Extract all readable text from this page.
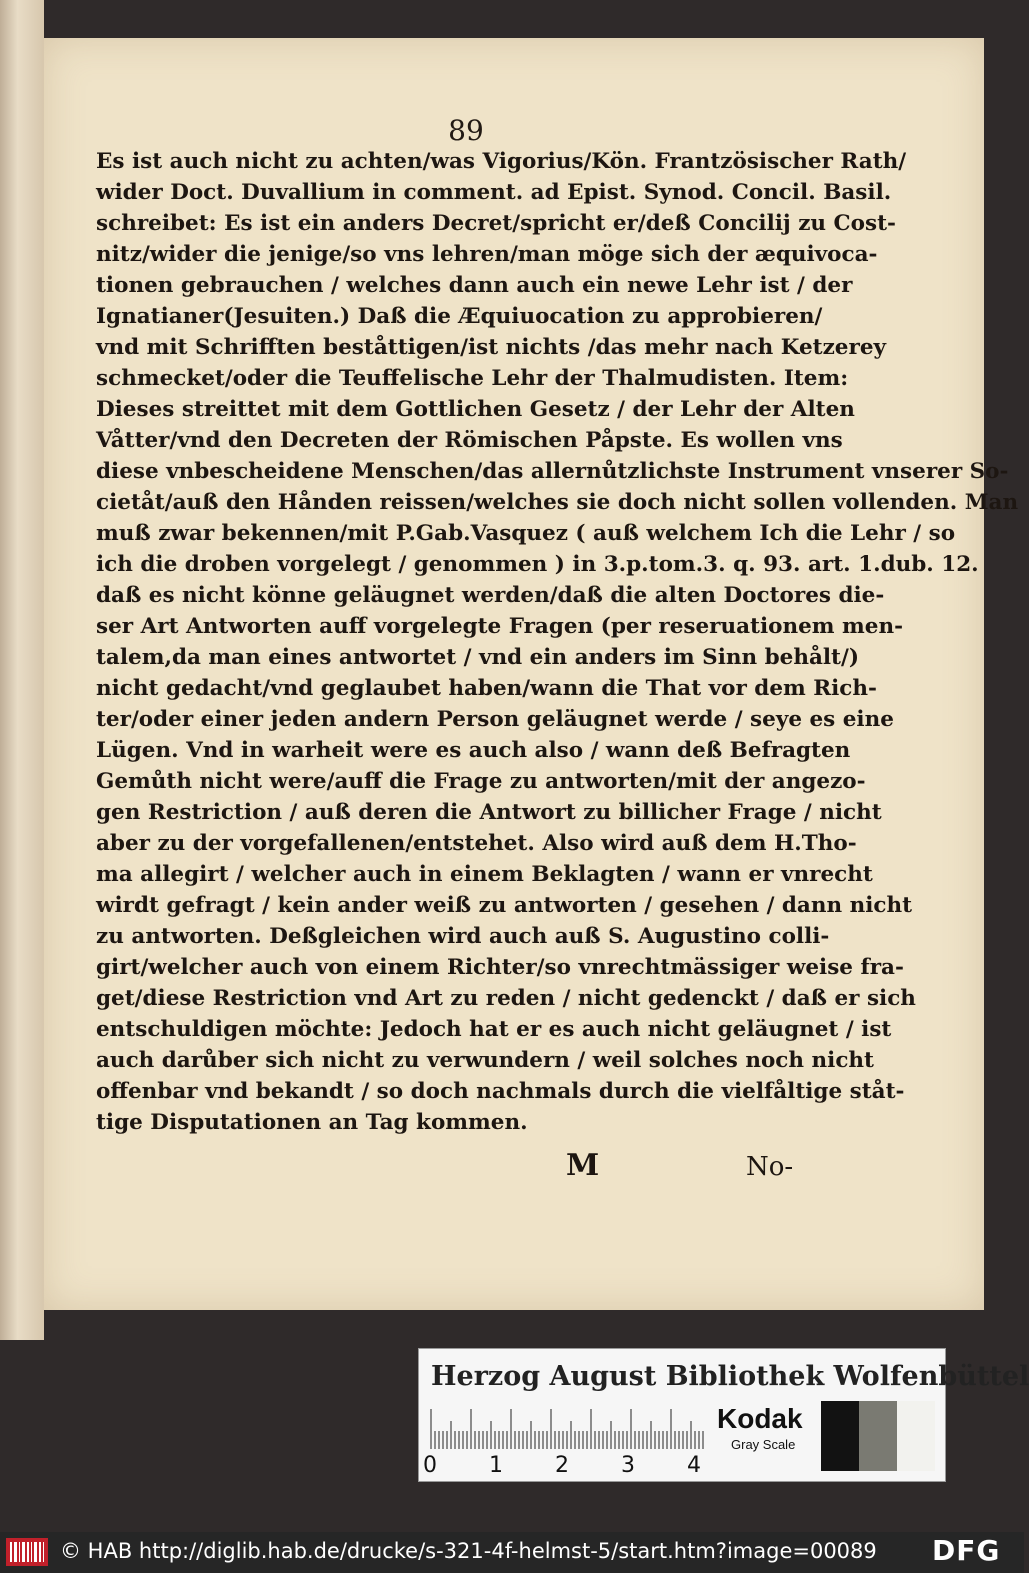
89
Es ist auch nicht zu achten/was Vigorius/Kön. Frantzösischer Rath/
wider Doct. Duvallium in comment. ad Epist. Synod. Concil. Basil.
schreibet: Es ist ein anders Decret/spricht er/deß Concilij zu Cost-
nitz/wider die jenige/so vns lehren/man möge sich der æquivoca-
tionen gebrauchen / welches dann auch ein newe Lehr ist / der
Ignatianer(Jesuiten.) Daß die Æquiuocation zu approbieren/
vnd mit Schrifften beståttigen/ist nichts /das mehr nach Ketzerey
schmecket/oder die Teuffelische Lehr der Thalmudisten. Item:
Dieses streittet mit dem Gottlichen Gesetz / der Lehr der Alten
Våtter/vnd den Decreten der Römischen Påpste. Es wollen vns
diese vnbescheidene Menschen/das allernůtzlichste Instrument vnserer So-
cietåt/auß den Hånden reissen/welches sie doch nicht sollen vollenden. Man
muß zwar bekennen/mit P.Gab.Vasquez ( auß welchem Ich die Lehr / so
ich die droben vorgelegt / genommen ) in 3.p.tom.3. q. 93. art. 1.dub. 12.
daß es nicht könne geläugnet werden/daß die alten Doctores die-
ser Art Antworten auff vorgelegte Fragen (per reseruationem men-
talem,da man eines antwortet / vnd ein anders im Sinn behålt/)
nicht gedacht/vnd geglaubet haben/wann die That vor dem Rich-
ter/oder einer jeden andern Person geläugnet werde / seye es eine
Lügen. Vnd in warheit were es auch also / wann deß Befragten
Gemůth nicht were/auff die Frage zu antworten/mit der angezo-
gen Restriction / auß deren die Antwort zu billicher Frage / nicht
aber zu der vorgefallenen/entstehet. Also wird auß dem H.Tho-
ma allegirt / welcher auch in einem Beklagten / wann er vnrecht
wirdt gefragt / kein ander weiß zu antworten / gesehen / dann nicht
zu antworten. Deßgleichen wird auch auß S. Augustino colli-
girt/welcher auch von einem Richter/so vnrechtmässiger weise fra-
get/diese Restriction vnd Art zu reden / nicht gedenckt / daß er sich
entschuldigen möchte: Jedoch hat er es auch nicht geläugnet / ist
auch darůber sich nicht zu verwundern / weil solches noch nicht
offenbar vnd bekandt / so doch nachmals durch die vielfåltige ståt-
tige Disputationen an Tag kommen.
M	No-
Herzog August Bibliothek Wolfenbüttel
0 1 2 3 4
Kodak
Gray Scale
© HAB http://diglib.hab.de/drucke/s-321-4f-helmst-5/start.htm?image=00089 DFG
